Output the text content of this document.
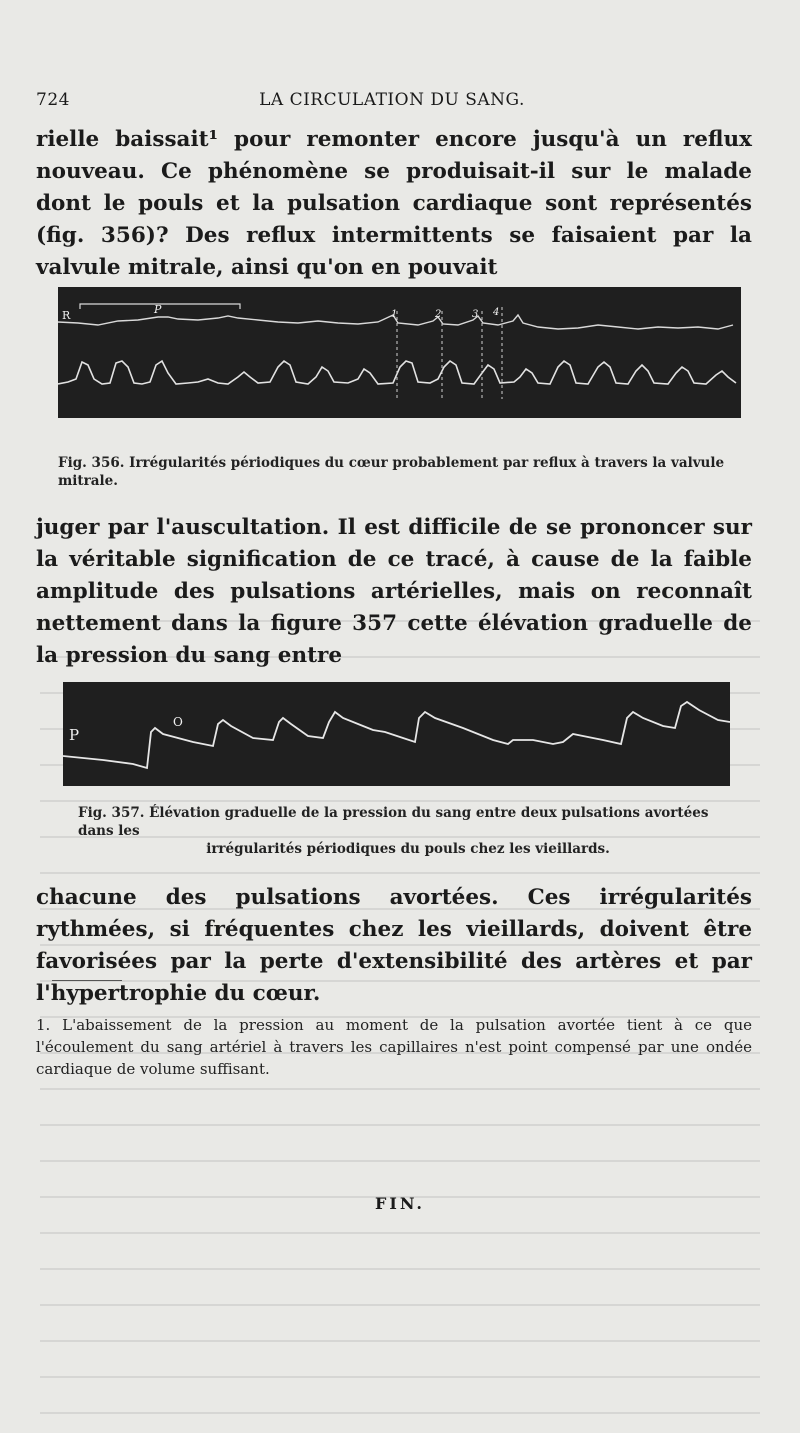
724	LA CIRCULATION DU SANG.
rielle baissait¹ pour remonter encore jusqu'à un reflux nouveau. Ce phénomène se produisait-il sur le malade dont le pouls et la pulsation cardiaque sont représentés (fig. 356)? Des reflux intermittents se faisaient par la valvule mitrale, ainsi qu'on en pouvait
R	P	1	2	3 4
Fig. 356. Irrégularités périodiques du cœur probablement par reflux à travers la valvule mitrale.
juger par l'auscultation. Il est difficile de se prononcer sur la véritable signification de ce tracé, à cause de la faible amplitude des pulsations artérielles, mais on reconnaît nettement dans la figure 357 cette élévation graduelle de la pression du sang entre
P
O
Fig. 357. Élévation graduelle de la pression du sang entre deux pulsations avortées dans les
irrégularités périodiques du pouls chez les vieillards.
chacune des pulsations avortées. Ces irrégularités rythmées, si fréquentes chez les vieillards, doivent être favorisées par la perte d'extensibilité des artères et par l'hypertrophie du cœur.
1. L'abaissement de la pression au moment de la pulsation avortée tient à ce que l'écoulement du sang artériel à travers les capillaires n'est point compensé par une ondée cardiaque de volume suffisant.
FIN.
